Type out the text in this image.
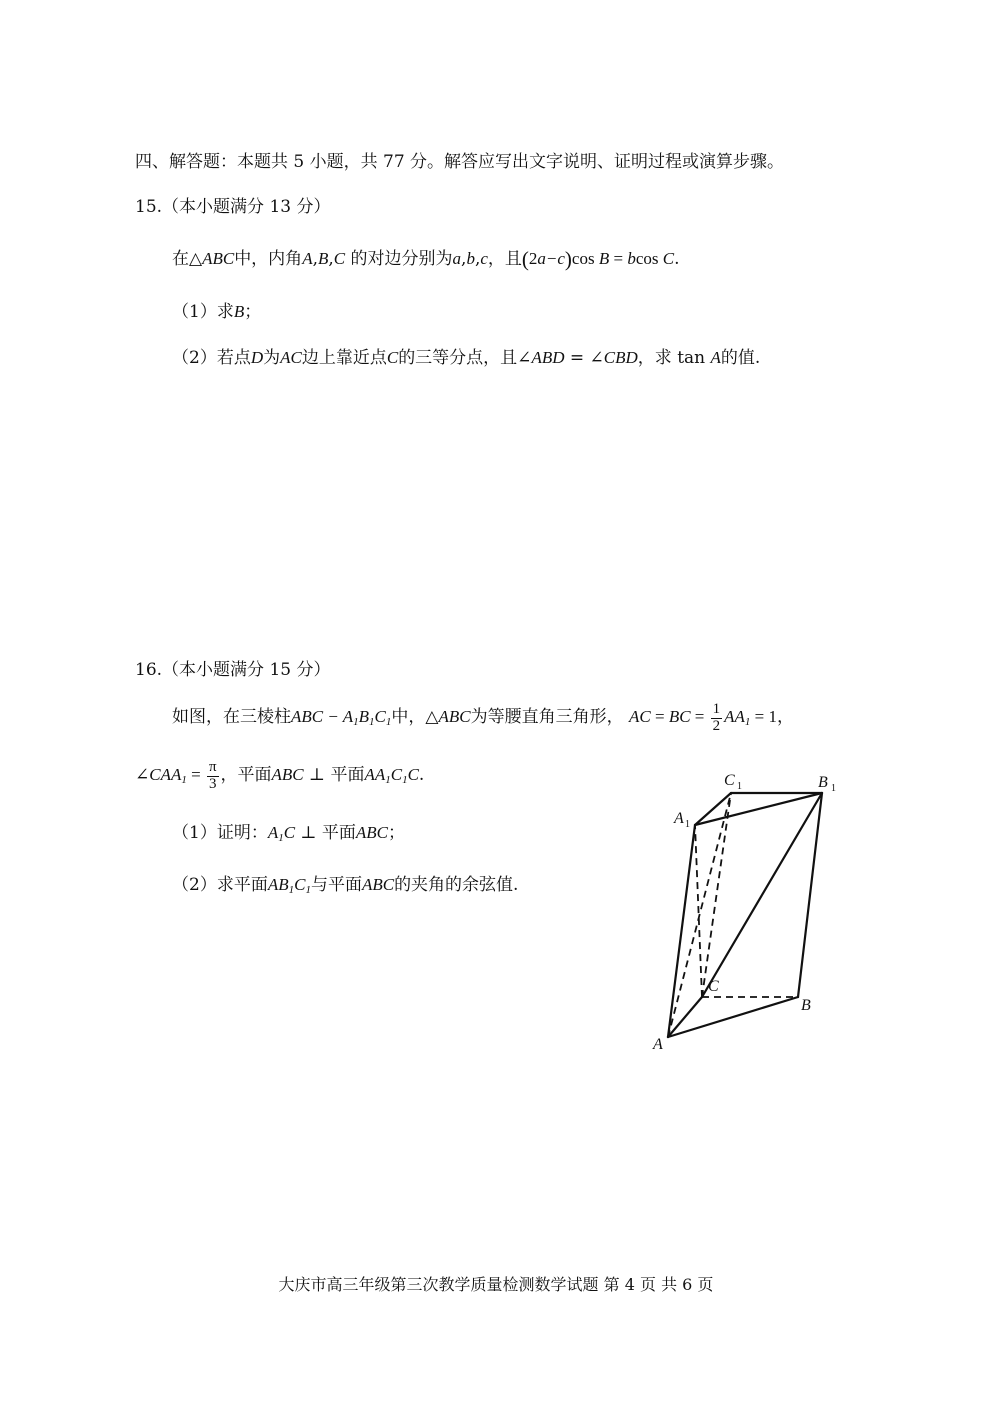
四、解答题：本题共 5 小题，共 77 分。解答应写出文字说明、证明过程或演算步骤。
15.（本小题满分 13 分）
在△ABC中，内角A,B,C 的对边分别为a,b,c，且(2a−c)cos B = bcos C.
（1）求B；
（2）若点D为AC边上靠近点C的三等分点，且∠ABD = ∠CBD，求 tan A的值.
16.（本小题满分 15 分）
如图，在三棱柱ABC − $A_1B_1C_1$中，△ABC为等腰直角三角形， AC = BC = $\frac{1}{2} AA_1 = 1$，
$\angle CAA_1 = \frac{\pi}{3}$ ，平面ABC ⊥ 平面$AA_1C_1C$.
（1）证明：$A_1C$ ⊥ 平面ABC；
（2）求平面$AB_1C_1$与平面ABC的夹角的余弦值.
C 1	B 1
A 1
C
B
A
大庆市高三年级第三次教学质量检测数学试题 第 4 页 共 6 页
